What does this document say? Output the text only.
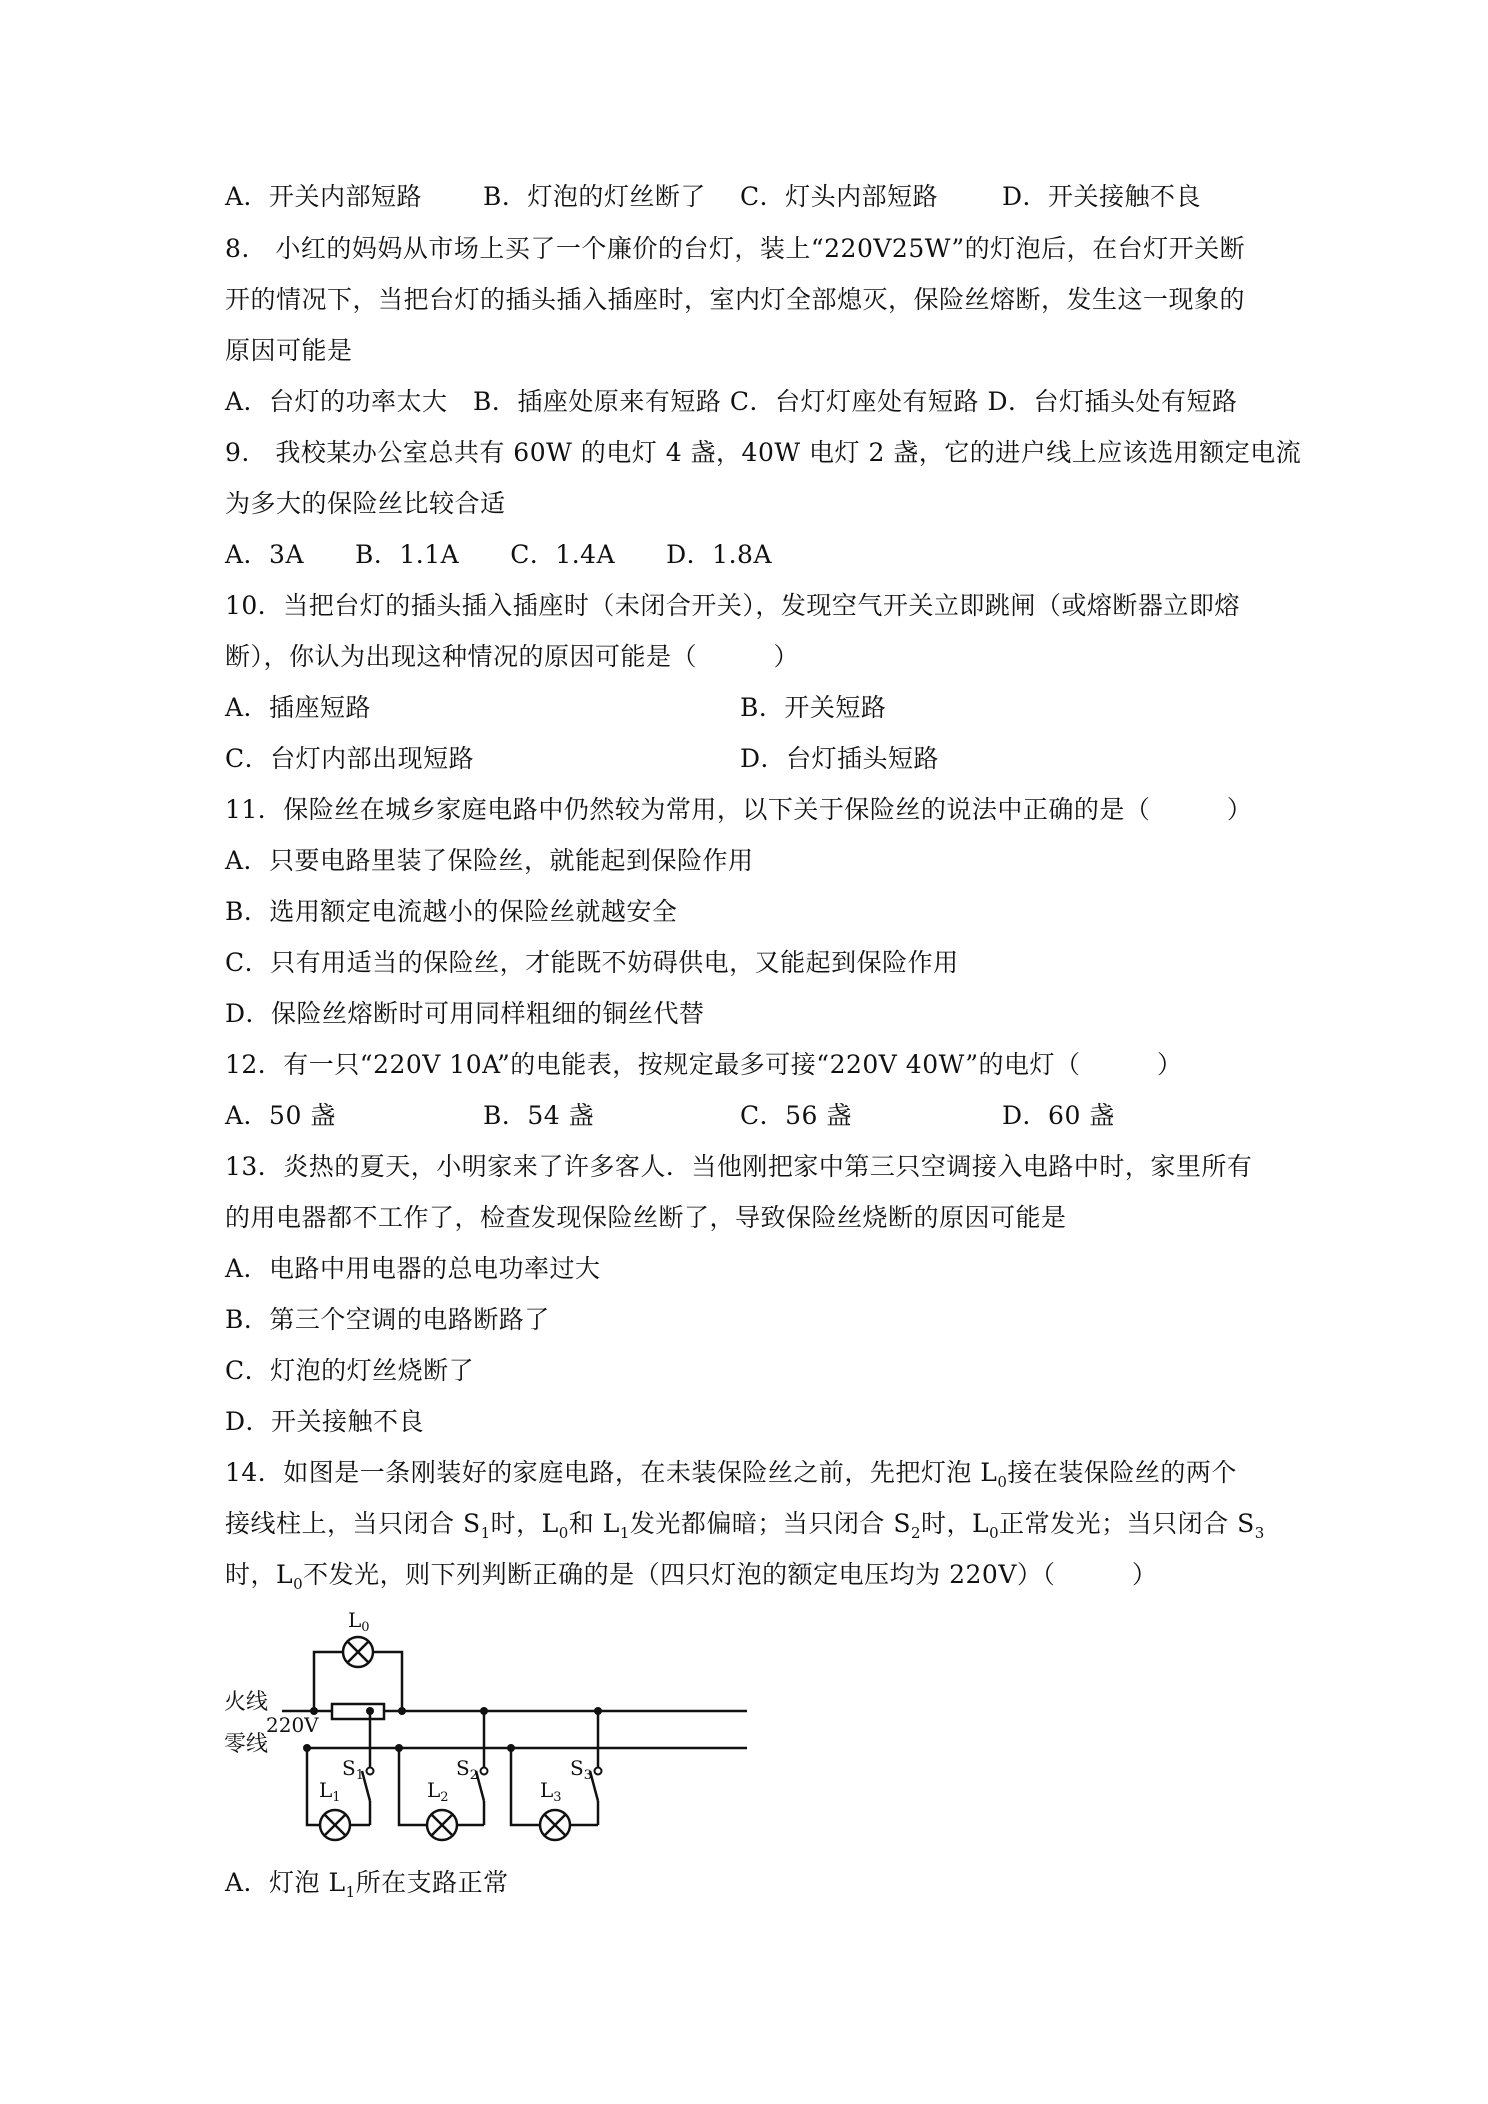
A．开关内部短路 B．灯泡的灯丝断了 C．灯头内部短路	D．开关接触不良
8.　小红的妈妈从市场上买了一个廉价的台灯，装上“220V25W”的灯泡后，在台灯开关断
开的情况下，当把台灯的插头插入插座时，室内灯全部熄灭，保险丝熔断，发生这一现象的
原因可能是
A．台灯的功率太大　B．插座处原来有短路 C．台灯灯座处有短路 D．台灯插头处有短路
9.　我校某办公室总共有 60W 的电灯 4 盏，40W 电灯 2 盏，它的进户线上应该选用额定电流
为多大的保险丝比较合适
A．3A　　B．1.1A　　C．1.4A　　D．1.8A
10．当把台灯的插头插入插座时（未闭合开关），发现空气开关立即跳闸（或熔断器立即熔
断），你认为出现这种情况的原因可能是（　　　）
A．插座短路	B．开关短路
C．台灯内部出现短路	D．台灯插头短路
11．保险丝在城乡家庭电路中仍然较为常用，以下关于保险丝的说法中正确的是（　　　）
A．只要电路里装了保险丝，就能起到保险作用
B．选用额定电流越小的保险丝就越安全
C．只有用适当的保险丝，才能既不妨碍供电，又能起到保险作用
D．保险丝熔断时可用同样粗细的铜丝代替
12．有一只“220V 10A”的电能表，按规定最多可接“220V 40W”的电灯（　　　）
A．50 盏	B．54 盏	C．56 盏	D．60 盏
13．炎热的夏天，小明家来了许多客人．当他刚把家中第三只空调接入电路中时，家里所有
的用电器都不工作了，检查发现保险丝断了，导致保险丝烧断的原因可能是
A．电路中用电器的总电功率过大
B．第三个空调的电路断路了
C．灯泡的灯丝烧断了
D．开关接触不良
14．如图是一条刚装好的家庭电路，在未装保险丝之前，先把灯泡 $L_0$接在装保险丝的两个
接线柱上，当只闭合 $S_1$时，$L_0$和 $L_1$发光都偏暗；当只闭合 $S_2$时，$L_0$正常发光；当只闭合 $S_3$
时，$L_0$不发光，则下列判断正确的是（四只灯泡的额定电压均为 220V）（　　　）
火线
零线
220V
$L_0$
$L_1$	$L_2$	$L_3$
$S_1$	$S_2$	$S_3$
A．灯泡 $L_1$所在支路正常
